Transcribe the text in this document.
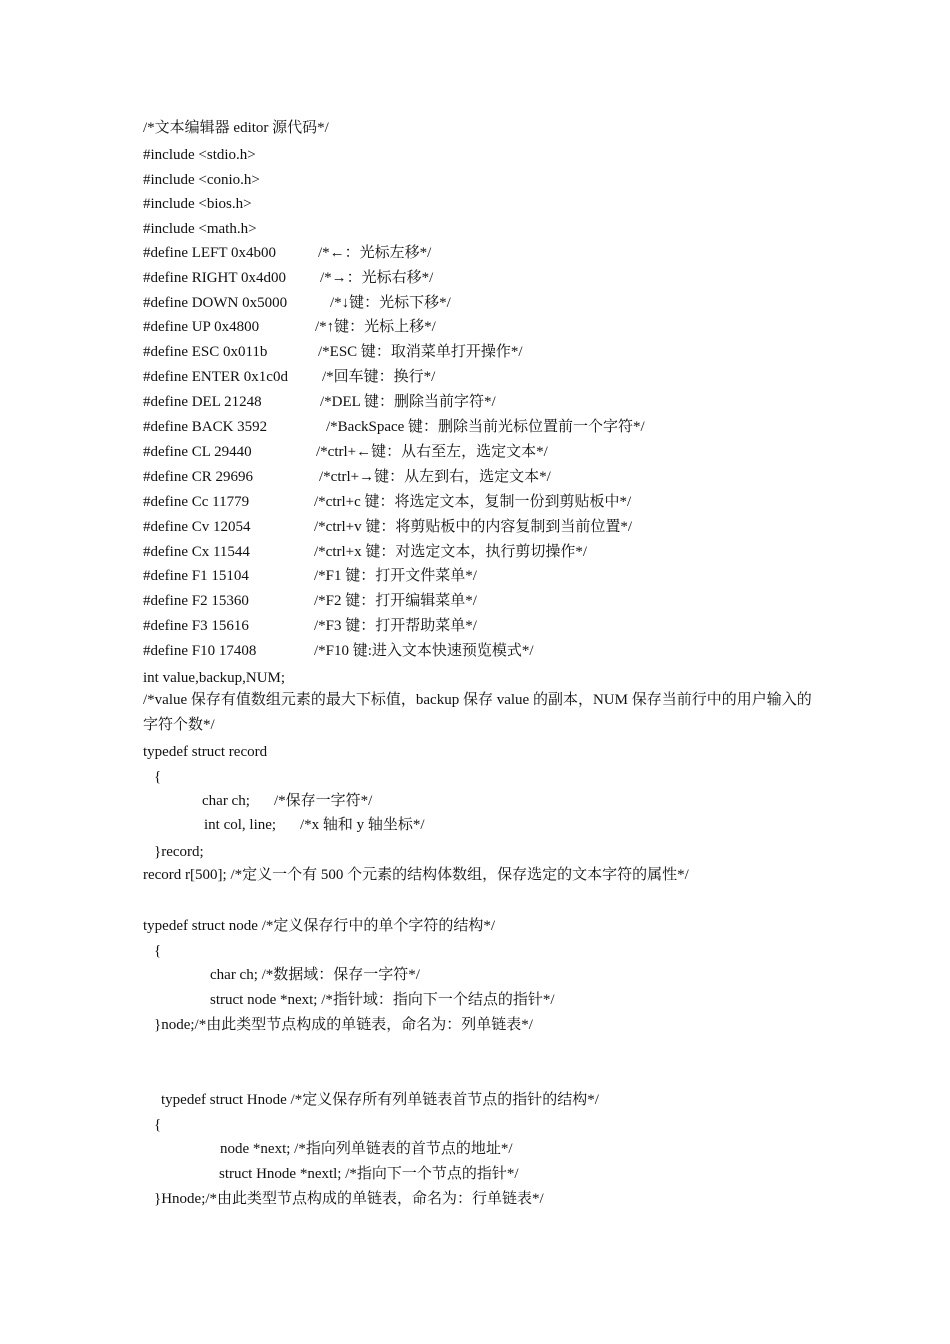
/*文本编辑器 editor 源代码*/
#include <stdio.h>
#include <conio.h>
#include <bios.h>
#include <math.h>
#define LEFT 0x4b00	/*←：光标左移*/
#define RIGHT 0x4d00 /*→：光标右移*/
#define DOWN 0x5000	/*↓键：光标下移*/
#define UP 0x4800	/*↑键：光标上移*/
#define ESC 0x011b	/*ESC 键：取消菜单打开操作*/
#define ENTER 0x1c0d /*回车键：换行*/
#define DEL 21248	/*DEL 键：删除当前字符*/
#define BACK 3592	/*BackSpace 键：删除当前光标位置前一个字符*/
#define CL 29440	/*ctrl+←键：从右至左，选定文本*/
#define CR 29696	/*ctrl+→键：从左到右，选定文本*/
#define Cc 11779	/*ctrl+c 键：将选定文本，复制一份到剪贴板中*/
#define Cv 12054	/*ctrl+v 键：将剪贴板中的内容复制到当前位置*/
#define Cx 11544	/*ctrl+x 键：对选定文本，执行剪切操作*/
#define F1 15104	/*F1 键：打开文件菜单*/
#define F2 15360	/*F2 键：打开编辑菜单*/
#define F3 15616	/*F3 键：打开帮助菜单*/
#define F10 17408	/*F10 键:进入文本快速预览模式*/
int value,backup,NUM;
/*value 保存有值数组元素的最大下标值，backup 保存 value 的副本，NUM 保存当前行中的用户输入的字符个数*/
typedef struct record
{
char ch; /*保存一字符*/
int col, line; /*x 轴和 y 轴坐标*/
}record;
record r[500]; /*定义一个有 500 个元素的结构体数组，保存选定的文本字符的属性*/
typedef struct node /*定义保存行中的单个字符的结构*/
{
char ch; /*数据域：保存一字符*/
struct node *next; /*指针域：指向下一个结点的指针*/
}node;/*由此类型节点构成的单链表，命名为：列单链表*/
typedef struct Hnode /*定义保存所有列单链表首节点的指针的结构*/
{
node *next; /*指向列单链表的首节点的地址*/
struct Hnode *nextl; /*指向下一个节点的指针*/
}Hnode;/*由此类型节点构成的单链表，命名为：行单链表*/
